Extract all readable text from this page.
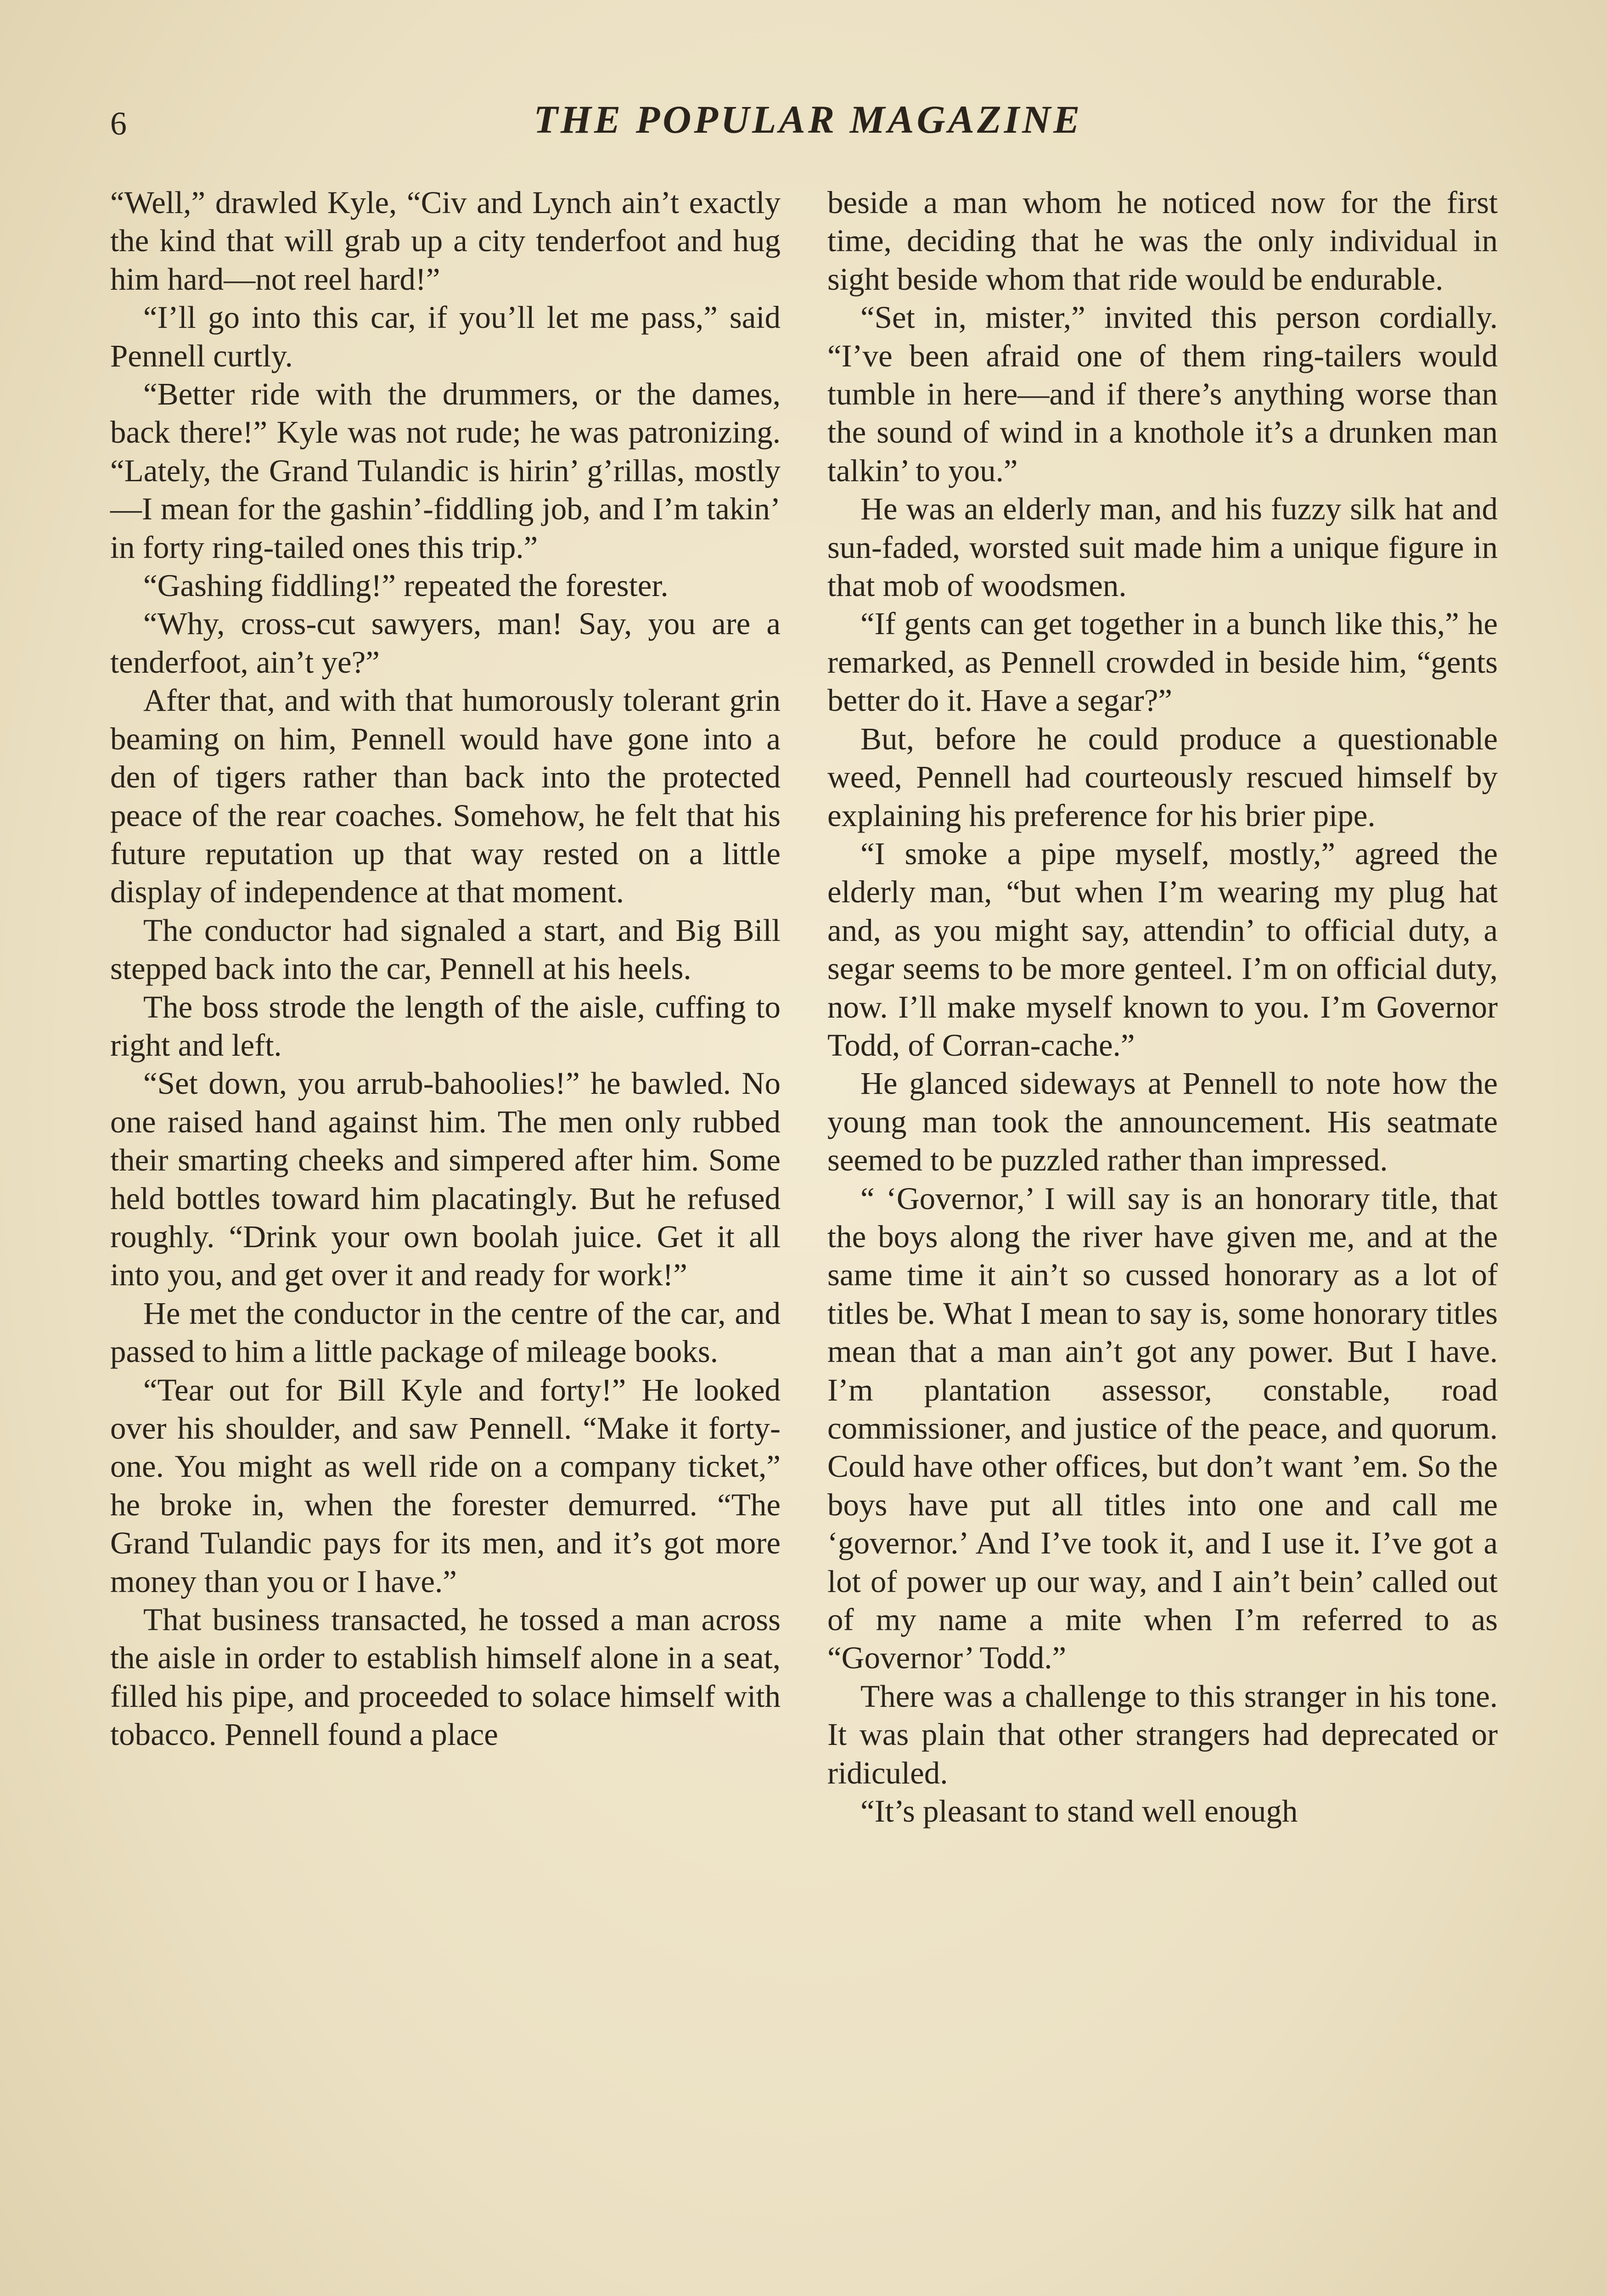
6	THE POPULAR MAGAZINE

“Well,” drawled Kyle, “Civ and Lynch ain’t exactly the kind that will grab up a city tenderfoot and hug him hard—not reel hard!”

“I’ll go into this car, if you’ll let me pass,” said Pennell curtly.

“Better ride with the drummers, or the dames, back there!” Kyle was not rude; he was patronizing. “Lately, the Grand Tulandic is hirin’ g’rillas, mostly —I mean for the gashin’-fiddling job, and I’m takin’ in forty ring-tailed ones this trip.”

“Gashing fiddling!” repeated the forester.

“Why, cross-cut sawyers, man! Say, you are a tenderfoot, ain’t ye?”

After that, and with that humorously tolerant grin beaming on him, Pennell would have gone into a den of tigers rather than back into the protected peace of the rear coaches. Somehow, he felt that his future reputation up that way rested on a little display of independence at that moment.

The conductor had signaled a start, and Big Bill stepped back into the car, Pennell at his heels.

The boss strode the length of the aisle, cuffing to right and left.

“Set down, you arrub-bahoolies!” he bawled. No one raised hand against him. The men only rubbed their smarting cheeks and simpered after him. Some held bottles toward him placatingly. But he refused roughly. “Drink your own boolah juice. Get it all into you, and get over it and ready for work!”

He met the conductor in the centre of the car, and passed to him a little package of mileage books.

“Tear out for Bill Kyle and forty!” He looked over his shoulder, and saw Pennell. “Make it forty-one. You might as well ride on a company ticket,” he broke in, when the forester demurred. “The Grand Tulandic pays for its men, and it’s got more money than you or I have.”

That business transacted, he tossed a man across the aisle in order to establish himself alone in a seat, filled his pipe, and proceeded to solace himself with tobacco. Pennell found a place

beside a man whom he noticed now for the first time, deciding that he was the only individual in sight beside whom that ride would be endurable.

“Set in, mister,” invited this person cordially. “I’ve been afraid one of them ring-tailers would tumble in here—and if there’s anything worse than the sound of wind in a knothole it’s a drunken man talkin’ to you.”

He was an elderly man, and his fuzzy silk hat and sun-faded, worsted suit made him a unique figure in that mob of woodsmen.

“If gents can get together in a bunch like this,” he remarked, as Pennell crowded in beside him, “gents better do it. Have a segar?”

But, before he could produce a questionable weed, Pennell had courteously rescued himself by explaining his preference for his brier pipe.

“I smoke a pipe myself, mostly,” agreed the elderly man, “but when I’m wearing my plug hat and, as you might say, attendin’ to official duty, a segar seems to be more genteel. I’m on official duty, now. I’ll make myself known to you. I’m Governor Todd, of Corran-cache.”

He glanced sideways at Pennell to note how the young man took the announcement. His seatmate seemed to be puzzled rather than impressed.

“ ‘Governor,’ I will say is an honorary title, that the boys along the river have given me, and at the same time it ain’t so cussed honorary as a lot of titles be. What I mean to say is, some honorary titles mean that a man ain’t got any power. But I have. I’m plantation assessor, constable, road commissioner, and justice of the peace, and quorum. Could have other offices, but don’t want ’em. So the boys have put all titles into one and call me ‘governor.’ And I’ve took it, and I use it. I’ve got a lot of power up our way, and I ain’t bein’ called out of my name a mite when I’m referred to as “Governor’ Todd.”

There was a challenge to this stranger in his tone. It was plain that other strangers had deprecated or ridiculed.

“It’s pleasant to stand well enough
